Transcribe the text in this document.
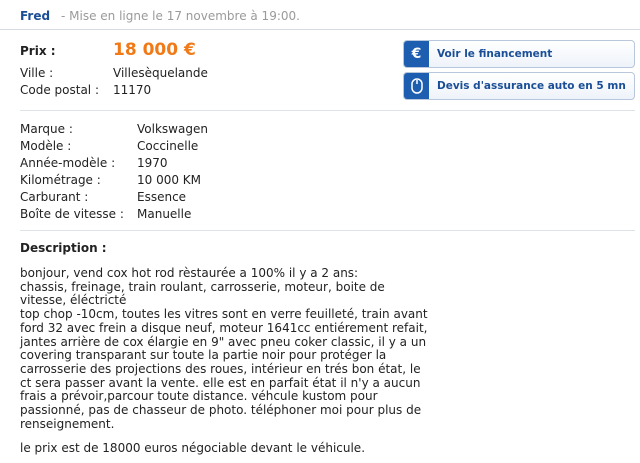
Fred - Mise en ligne le 17 novembre à 19:00.
Prix :	18 000 €
Ville :	Villesèquelande
Code postal : 11170
€	Voir le financement
Devis d'assurance auto en 5 mn
Marque :	Volkswagen
Modèle :	Coccinelle
Année-modèle : 1970
Kilométrage :	10 000 KM
Carburant :	Essence
Boîte de vitesse : Manuelle
Description :
bonjour, vend cox hot rod rèstaurée a 100% il y a 2 ans:
chassis, freinage, train roulant, carrosserie, moteur, boite de
vitesse, éléctricté
top chop -10cm, toutes les vitres sont en verre feuilleté, train avant
ford 32 avec frein a disque neuf, moteur 1641cc entiérement refait,
jantes arrière de cox élargie en 9" avec pneu coker classic, il y a un
covering transparant sur toute la partie noir pour protéger la
carrosserie des projections des roues, intérieur en trés bon état, le
ct sera passer avant la vente. elle est en parfait état il n'y a aucun
frais a prévoir,parcour toute distance. véhcule kustom pour
passionné, pas de chasseur de photo. téléphoner moi pour plus de
renseignement.
le prix est de 18000 euros négociable devant le véhicule.
